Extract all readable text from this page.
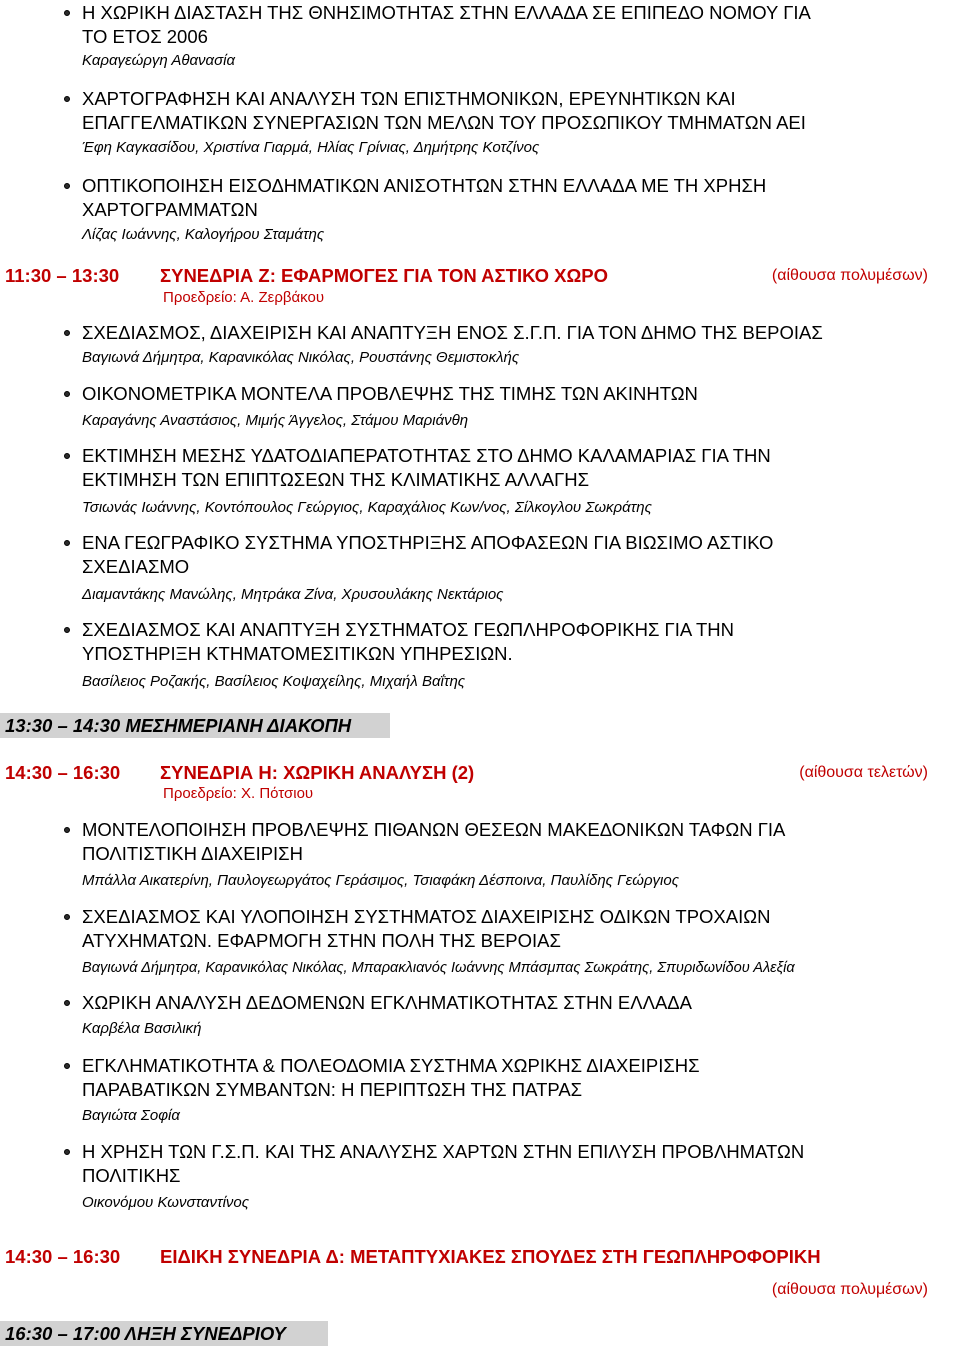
Η ΧΩΡΙΚΗ ΔΙΑΣΤΑΣΗ ΤΗΣ ΘΝΗΣΙΜΟΤΗΤΑΣ ΣΤΗΝ ΕΛΛΑΔΑ ΣΕ ΕΠΙΠΕΔΟ ΝΟΜΟΥ ΓΙΑ
ΤΟ ΕΤΟΣ 2006
Καραγεώργη Αθανασία
ΧΑΡΤΟΓΡΑΦΗΣΗ ΚΑΙ ΑΝΑΛΥΣΗ ΤΩΝ ΕΠΙΣΤΗΜΟΝΙΚΩΝ, ΕΡΕΥΝΗΤΙΚΩΝ ΚΑΙ
ΕΠΑΓΓΕΛΜΑΤΙΚΩΝ ΣΥΝΕΡΓΑΣΙΩΝ ΤΩΝ ΜΕΛΩΝ ΤΟΥ ΠΡΟΣΩΠΙΚΟΥ ΤΜΗΜΑΤΩΝ ΑΕΙ
Έφη Καγκασίδου, Χριστίνα Γιαρμά, Ηλίας Γρίνιας, Δημήτρης Κοτζίνος
ΟΠΤΙΚΟΠΟΙΗΣΗ ΕΙΣΟΔΗΜΑΤΙΚΩΝ ΑΝΙΣΟΤΗΤΩΝ ΣΤΗΝ ΕΛΛΑΔΑ ΜΕ ΤΗ ΧΡΗΣΗ
ΧΑΡΤΟΓΡΑΜΜΑΤΩΝ
Λίζας Ιωάννης, Καλογήρου Σταμάτης
11:30 – 13:30 ΣΥΝΕΔΡΙΑ Ζ: ΕΦΑΡΜΟΓΕΣ ΓΙΑ ΤΟΝ ΑΣΤΙΚΟ ΧΩΡΟ	(αίθουσα πολυμέσων)
Προεδρείο: Α. Ζερβάκου
ΣΧΕΔΙΑΣΜΟΣ, ΔΙΑΧΕΙΡΙΣΗ ΚΑΙ ΑΝΑΠΤΥΞΗ ΕΝΟΣ Σ.Γ.Π. ΓΙΑ ΤΟΝ ΔΗΜΟ ΤΗΣ ΒΕΡΟΙΑΣ
Βαγιωνά Δήμητρα, Καρανικόλας Νικόλας, Ρουστάνης Θεμιστοκλής
ΟΙΚΟΝΟΜΕΤΡΙΚΑ ΜΟΝΤΕΛΑ ΠΡΟΒΛΕΨΗΣ ΤΗΣ ΤΙΜΗΣ ΤΩΝ ΑΚΙΝΗΤΩΝ
Καραγάνης Αναστάσιος, Μιμής Άγγελος, Στάμου Μαριάνθη
ΕΚΤΙΜΗΣΗ ΜΕΣΗΣ ΥΔΑΤΟΔΙΑΠΕΡΑΤΟΤΗΤΑΣ ΣΤΟ ΔΗΜΟ ΚΑΛΑΜΑΡΙΑΣ ΓΙΑ ΤΗΝ
ΕΚΤΙΜΗΣΗ ΤΩΝ ΕΠΙΠΤΩΣΕΩΝ ΤΗΣ ΚΛΙΜΑΤΙΚΗΣ ΑΛΛΑΓΗΣ
Τσιωνάς Ιωάννης, Κοντόπουλος Γεώργιος, Καραχάλιος Κων/νος, Σίλκογλου Σωκράτης
ΕΝΑ ΓΕΩΓΡΑΦΙΚΟ ΣΥΣΤΗΜΑ ΥΠΟΣΤΗΡΙΞΗΣ ΑΠΟΦΑΣΕΩΝ ΓΙΑ ΒΙΩΣΙΜΟ ΑΣΤΙΚΟ
ΣΧΕΔΙΑΣΜΟ
Διαμαντάκης Μανώλης, Μητράκα Ζίνα, Χρυσουλάκης Νεκτάριος
ΣΧΕΔΙΑΣΜΟΣ ΚΑΙ ΑΝΑΠΤΥΞΗ ΣΥΣΤΗΜΑΤΟΣ ΓΕΩΠΛΗΡΟΦΟΡΙΚΗΣ ΓΙΑ ΤΗΝ
ΥΠΟΣΤΗΡΙΞΗ ΚΤΗΜΑΤΟΜΕΣΙΤΙΚΩΝ ΥΠΗΡΕΣΙΩΝ.
Βασίλειος Ροζακής, Βασίλειος Κοψαχείλης, Μιχαήλ Βαΐτης
13:30 – 14:30 ΜΕΣΗΜΕΡΙΑΝΗ ΔΙΑΚΟΠΗ
14:30 – 16:30 ΣΥΝΕΔΡΙΑ Η: ΧΩΡΙΚΗ ΑΝΑΛΥΣΗ (2)	(αίθουσα τελετών)
Προεδρείο: Χ. Πότσιου
ΜΟΝΤΕΛΟΠΟΙΗΣΗ ΠΡΟΒΛΕΨΗΣ ΠΙΘΑΝΩΝ ΘΕΣΕΩΝ ΜΑΚΕΔΟΝΙΚΩΝ ΤΑΦΩΝ ΓΙΑ
ΠΟΛΙΤΙΣΤΙΚΗ ΔΙΑΧΕΙΡΙΣΗ
Μπάλλα Αικατερίνη, Παυλογεωργάτος Γεράσιμος, Τσιαφάκη Δέσποινα, Παυλίδης Γεώργιος
ΣΧΕΔΙΑΣΜΟΣ ΚΑΙ ΥΛΟΠΟΙΗΣΗ ΣΥΣΤΗΜΑΤΟΣ ΔΙΑΧΕΙΡΙΣΗΣ ΟΔΙΚΩΝ ΤΡΟΧΑΙΩΝ
ΑΤΥΧΗΜΑΤΩΝ. ΕΦΑΡΜΟΓΗ ΣΤΗΝ ΠΟΛΗ ΤΗΣ ΒΕΡΟΙΑΣ
Βαγιωνά Δήμητρα, Καρανικόλας Νικόλας, Μπαρακλιανός Ιωάννης Μπάσμπας Σωκράτης, Σπυριδωνίδου Αλεξία
ΧΩΡΙΚΗ ΑΝΑΛΥΣΗ ΔΕΔΟΜΕΝΩΝ ΕΓΚΛΗΜΑΤΙΚΟΤΗΤΑΣ ΣΤΗΝ ΕΛΛΑΔΑ
Καρβέλα Βασιλική
ΕΓΚΛΗΜΑΤΙΚΟΤΗΤΑ & ΠΟΛΕΟΔΟΜΙΑ ΣΥΣΤΗΜΑ ΧΩΡΙΚΗΣ ΔΙΑΧΕΙΡΙΣΗΣ
ΠΑΡΑΒΑΤΙΚΩΝ ΣΥΜΒΑΝΤΩΝ: Η ΠΕΡΙΠΤΩΣΗ ΤΗΣ ΠΑΤΡΑΣ
Βαγιώτα Σοφία
Η ΧΡΗΣΗ ΤΩΝ Γ.Σ.Π. ΚΑΙ ΤΗΣ ΑΝΑΛΥΣΗΣ ΧΑΡΤΩΝ ΣΤΗΝ ΕΠΙΛΥΣΗ ΠΡΟΒΛΗΜΑΤΩΝ
ΠΟΛΙΤΙΚΗΣ
Οικονόμου Κωνσταντίνος
14:30 – 16:30 ΕΙΔΙΚΗ ΣΥΝΕΔΡΙΑ Δ: ΜΕΤΑΠΤΥΧΙΑΚΕΣ ΣΠΟΥΔΕΣ ΣΤΗ ΓΕΩΠΛΗΡΟΦΟΡΙΚΗ
(αίθουσα πολυμέσων)
16:30 – 17:00 ΛΗΞΗ ΣΥΝΕΔΡΙΟΥ
